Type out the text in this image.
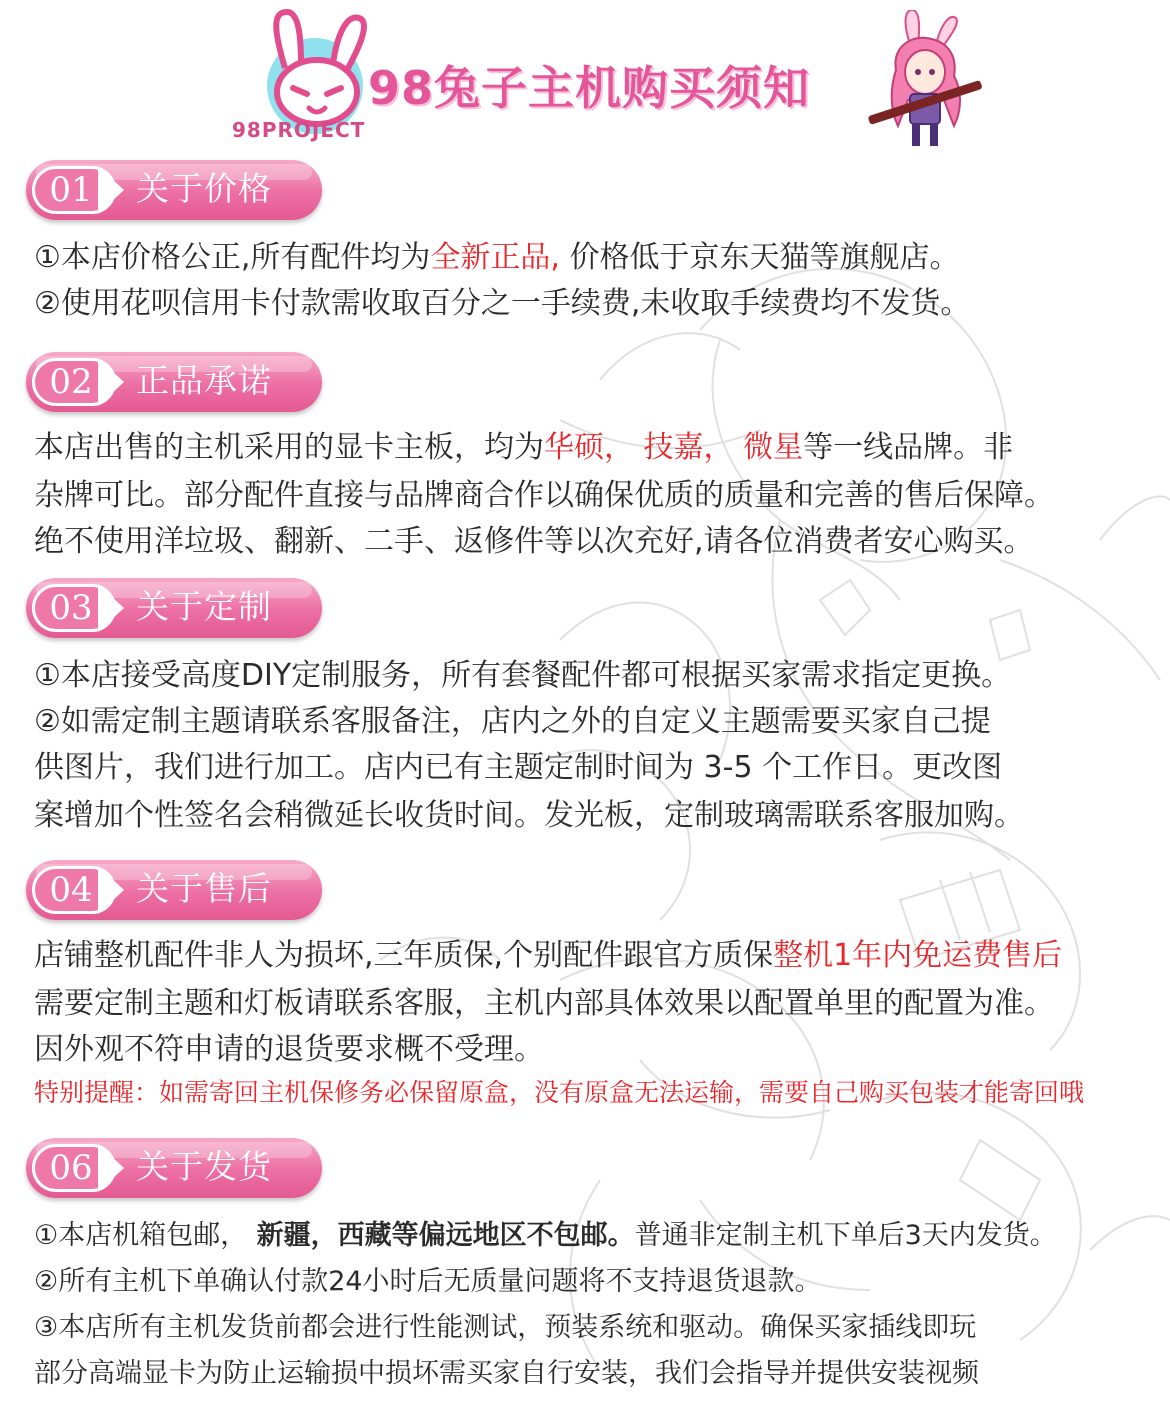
98PROJECT
98兔子主机购买须知
01	关于价格
①本店价格公正,所有配件均为全新正品, 价格低于京东天猫等旗舰店。
②使用花呗信用卡付款需收取百分之一手续费,未收取手续费均不发货。
02	正品承诺
本店出售的主机采用的显卡主板，均为华硕， 技嘉， 微星等一线品牌。非
杂牌可比。部分配件直接与品牌商合作以确保优质的质量和完善的售后保障。
绝不使用洋垃圾、翻新、二手、返修件等以次充好,请各位消费者安心购买。
03	关于定制
①本店接受高度DIY定制服务，所有套餐配件都可根据买家需求指定更换。
②如需定制主题请联系客服备注，店内之外的自定义主题需要买家自己提
供图片，我们进行加工。店内已有主题定制时间为 3-5 个工作日。更改图
案增加个性签名会稍微延长收货时间。发光板，定制玻璃需联系客服加购。
04	关于售后
店铺整机配件非人为损坏,三年质保,个别配件跟官方质保整机1年内免运费售后
需要定制主题和灯板请联系客服，主机内部具体效果以配置单里的配置为准。
因外观不符申请的退货要求概不受理。
特别提醒：如需寄回主机保修务必保留原盒，没有原盒无法运输，需要自己购买包装才能寄回哦
06	关于发货
①本店机箱包邮， 新疆，西藏等偏远地区不包邮。普通非定制主机下单后3天内发货。
②所有主机下单确认付款24小时后无质量问题将不支持退货退款。
③本店所有主机发货前都会进行性能测试，预装系统和驱动。确保买家插线即玩
部分高端显卡为防止运输损中损坏需买家自行安装，我们会指导并提供安装视频
